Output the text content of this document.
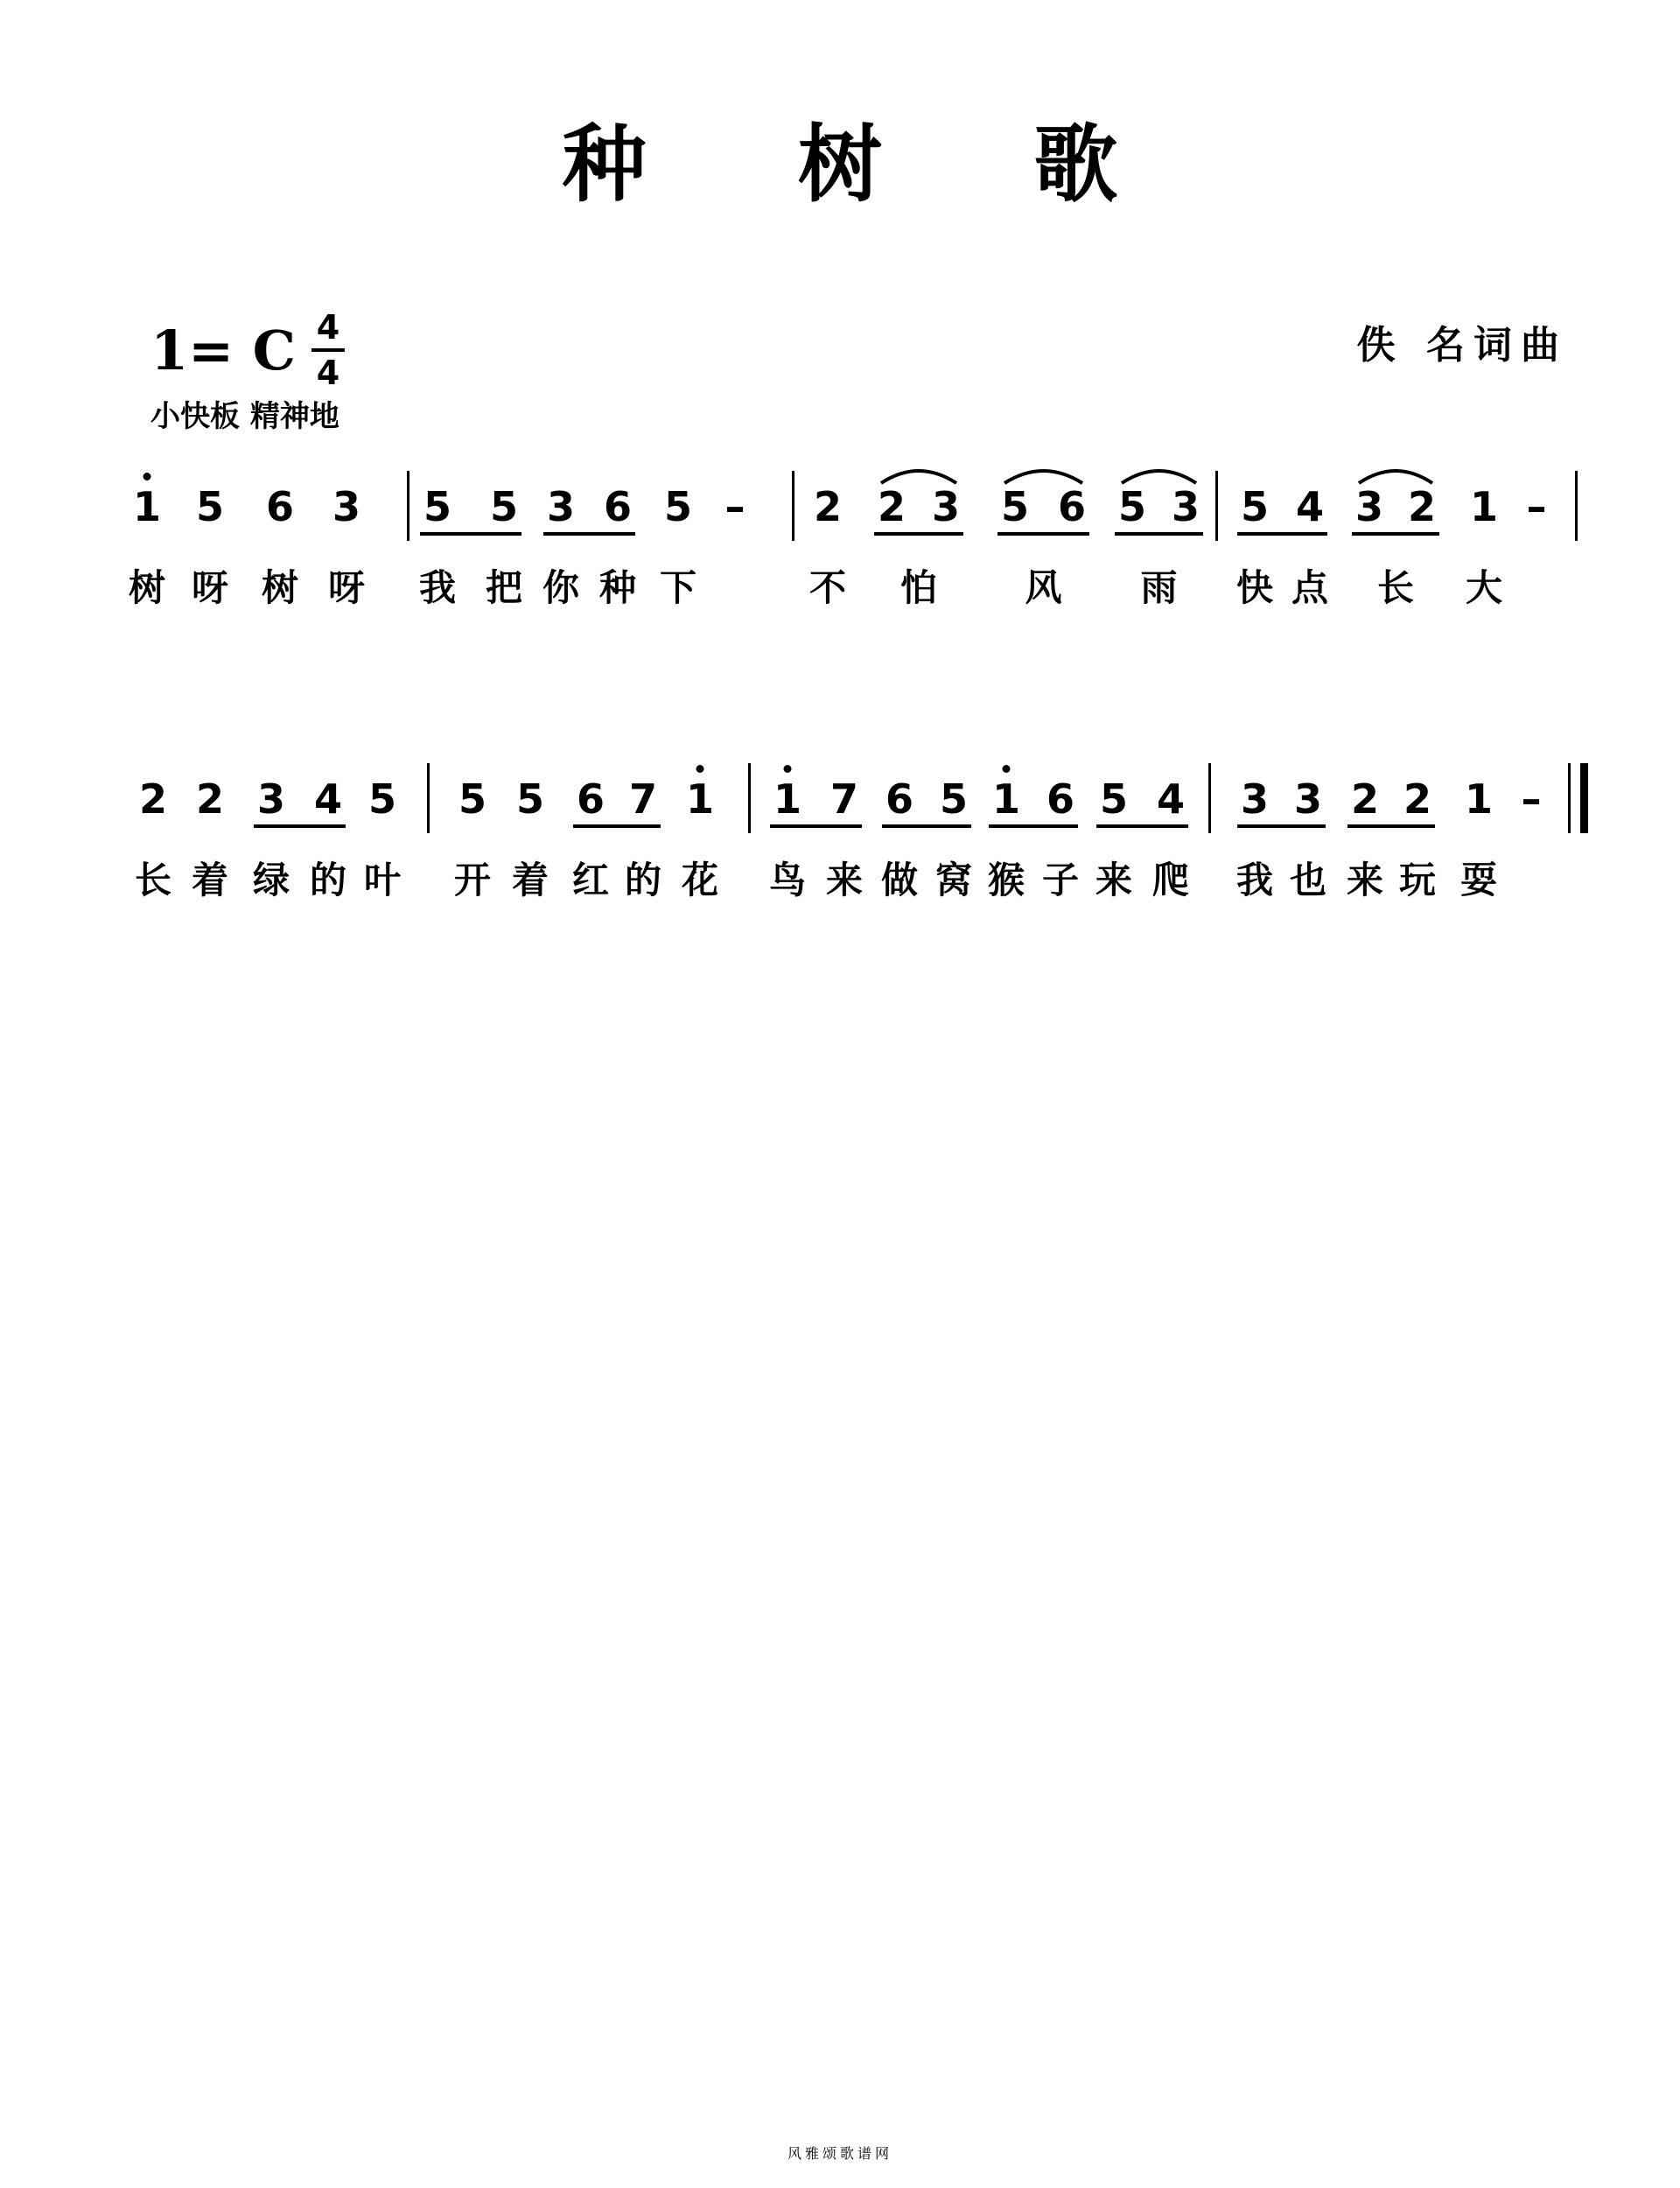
种 树 歌
1= C 4
4
佚 名词曲
小快板 精神地
1 5 6 3 5 5 3 6 5 – 2 2 3 5 6 5 3 5 4 3 2 1 –
树 呀 树 呀 我 把 你 种 下	不 怕 风 雨 快 点 长 大
2 2 3 4 5 5 5 6 7 1 1 7 6 5 1 6 5 4 3 3 2 2 1 –
长 着 绿 的 叶 开 着 红 的 花 鸟 来 做 窝 猴 子 来 爬 我 也 来 玩 耍
风雅颂歌谱网
